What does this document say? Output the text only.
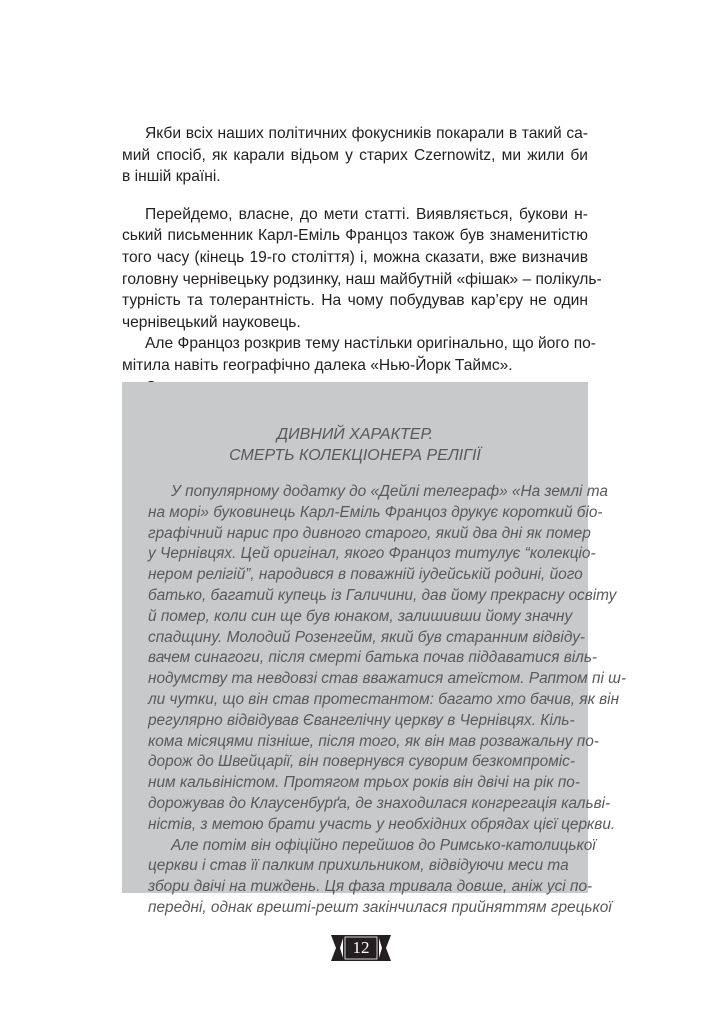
Якби всіх наших політичних фокусників покарали в такий са-
мий спосіб, як карали відьом у старих Czernowitz, ми жили би
в іншій країні.
Перейдемо, власне, до мети статті. Виявляється, букови н-
ський письменник Карл-Еміль Францоз також був знаменитістю
того часу (кінець 19-го століття) і, можна сказати, вже визначив
головну чернівецьку родзинку, наш майбутній «фішак» – полікуль-
турність та толерантність. На чому побудував кар’єру не один
чернівецький науковець.
Але Францоз розкрив тему настільки оригінально, що його по-
мітила навіть географічно далека «Нью-Йорк Таймс».
ДИВНИЙ ХАРАКТЕР.
СМЕРТЬ КОЛЕКЦІОНЕРА РЕЛІГІЇ
У популярному додатку до «Дейлі телеграф» «На землі та
на морі» буковинець Карл-Еміль Францоз друкує короткий біо-
графічний нарис про дивного старого, який два дні як помер
у Чернівцях. Цей оригінал, якого Францоз титулує “колекціо-
нером релігій”, народився в поважній іудейській родині, його
батько, багатий купець із Галичини, дав йому прекрасну освіту
й помер, коли син ще був юнаком, залишивши йому значну
спадщину. Молодий Розенгейм, який був старанним відвіду-
вачем синагоги, після смерті батька почав піддаватися віль-
нодумству та невдовзі став вважатися атеїстом. Раптом пі ш-
ли чутки, що він став протестантом: багато хто бачив, як він
регулярно відвідував Євангелічну церкву в Чернівцях. Кіль-
кома місяцями пізніше, після того, як він мав розважальну по-
дорож до Швейцарії, він повернувся суворим безкомпроміс-
ним кальвіністом. Протягом трьох років він двічі на рік по-
дорожував до Клаусенбурґа, де знаходилася конгрегація кальві-
ністів, з метою брати участь у необхідних обрядах цієї церкви.
Але потім він офіційно перейшов до Римсько-католицької
церкви і став її палким прихильником, відвідуючи меси та
збори двічі на тиждень. Ця фаза тривала довше, аніж усі по-
передні, однак врешті-решт закінчилася прийняттям грецької
12
